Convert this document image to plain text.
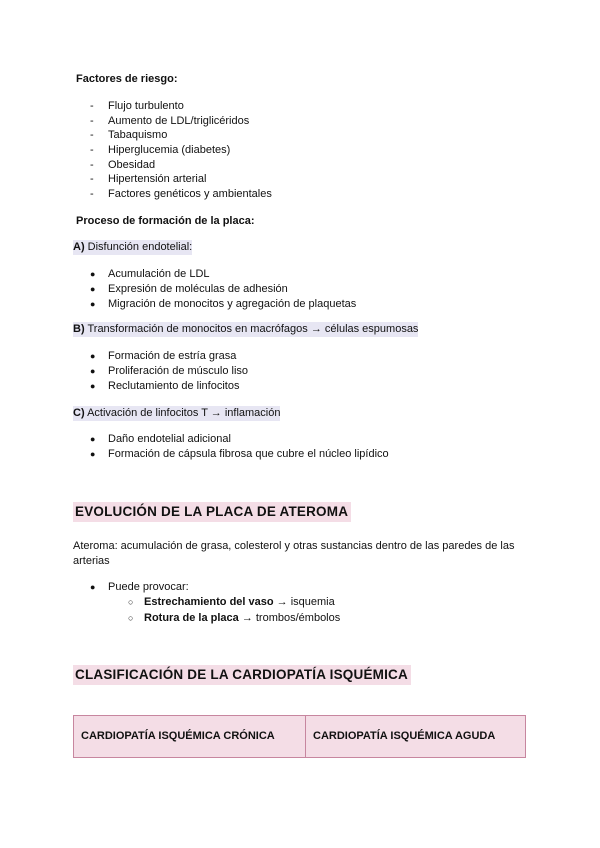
Factores de riesgo:
-	Flujo turbulento
-	Aumento de LDL/triglicéridos
-	Tabaquismo
-	Hiperglucemia (diabetes)
-	Obesidad
-	Hipertensión arterial
-	Factores genéticos y ambientales
Proceso de formación de la placa:
A) Disfunción endotelial:
● Acumulación de LDL
● Expresión de moléculas de adhesión
● Migración de monocitos y agregación de plaquetas
B) Transformación de monocitos en macrófagos → células espumosas
● Formación de estría grasa
● Proliferación de músculo liso
● Reclutamiento de linfocitos
C) Activación de linfocitos T → inflamación
● Daño endotelial adicional
● Formación de cápsula fibrosa que cubre el núcleo lipídico
EVOLUCIÓN DE LA PLACA DE ATEROMA
Ateroma: acumulación de grasa, colesterol y otras sustancias dentro de las paredes de las arterias
● Puede provocar:
○ Estrechamiento del vaso → isquemia
○ Rotura de la placa → trombos/émbolos
CLASIFICACIÓN DE LA CARDIOPATÍA ISQUÉMICA
CARDIOPATÍA ISQUÉMICA CRÓNICA	CARDIOPATÍA ISQUÉMICA AGUDA
